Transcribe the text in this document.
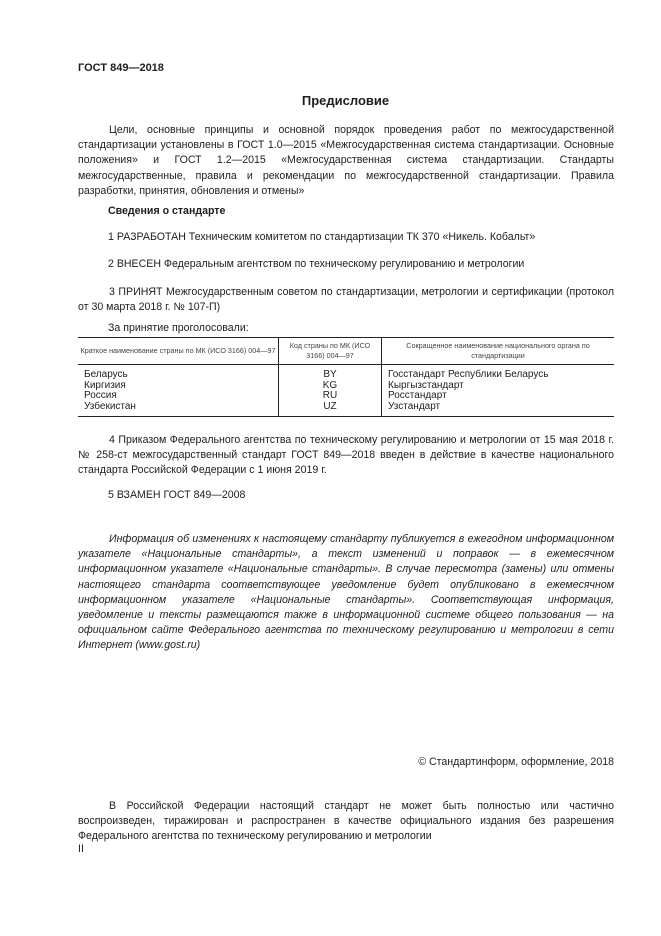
ГОСТ 849—2018
Предисловие
Цели, основные принципы и основной порядок проведения работ по межгосударственной стандартизации установлены в ГОСТ 1.0—2015 «Межгосударственная система стандартизации. Основные положения» и ГОСТ 1.2—2015 «Межгосударственная система стандартизации. Стандарты межгосударственные, правила и рекомендации по межгосударственной стандартизации. Правила разработки, принятия, обновления и отмены»
Сведения о стандарте
1 РАЗРАБОТАН Техническим комитетом по стандартизации ТК 370 «Никель. Кобальт»
2 ВНЕСЕН Федеральным агентством по техническому регулированию и метрологии
3 ПРИНЯТ Межгосударственным советом по стандартизации, метрологии и сертификации (протокол от 30 марта 2018 г. № 107-П)
За принятие проголосовали:
Краткое наименование страны по МК (ИСО 3166) 004—97	Код страны по МК (ИСО 3166) 004—97	Сокращенное наименование национального органа по стандартизации
Беларусь	BY	Госстандарт Республики Беларусь
Киргизия	KG	Кыргызстандарт
Россия	RU	Росстандарт
Узбекистан	UZ	Узстандарт
4 Приказом Федерального агентства по техническому регулированию и метрологии от 15 мая 2018 г. № 258-ст межгосударственный стандарт ГОСТ 849—2018 введен в действие в качестве национального стандарта Российской Федерации с 1 июня 2019 г.
5 ВЗАМЕН ГОСТ 849—2008
Информация об изменениях к настоящему стандарту публикуется в ежегодном информационном указателе «Национальные стандарты», а текст изменений и поправок — в ежемесячном информационном указателе «Национальные стандарты». В случае пересмотра (замены) или отмены настоящего стандарта соответствующее уведомление будет опубликовано в ежемесячном информационном указателе «Национальные стандарты». Соответствующая информация, уведомление и тексты размещаются также в информационной системе общего пользования — на официальном сайте Федерального агентства по техническому регулированию и метрологии в сети Интернет (www.gost.ru)
© Стандартинформ, оформление, 2018
В Российской Федерации настоящий стандарт не может быть полностью или частично воспроизведен, тиражирован и распространен в качестве официального издания без разрешения Федерального агентства по техническому регулированию и метрологии
II
